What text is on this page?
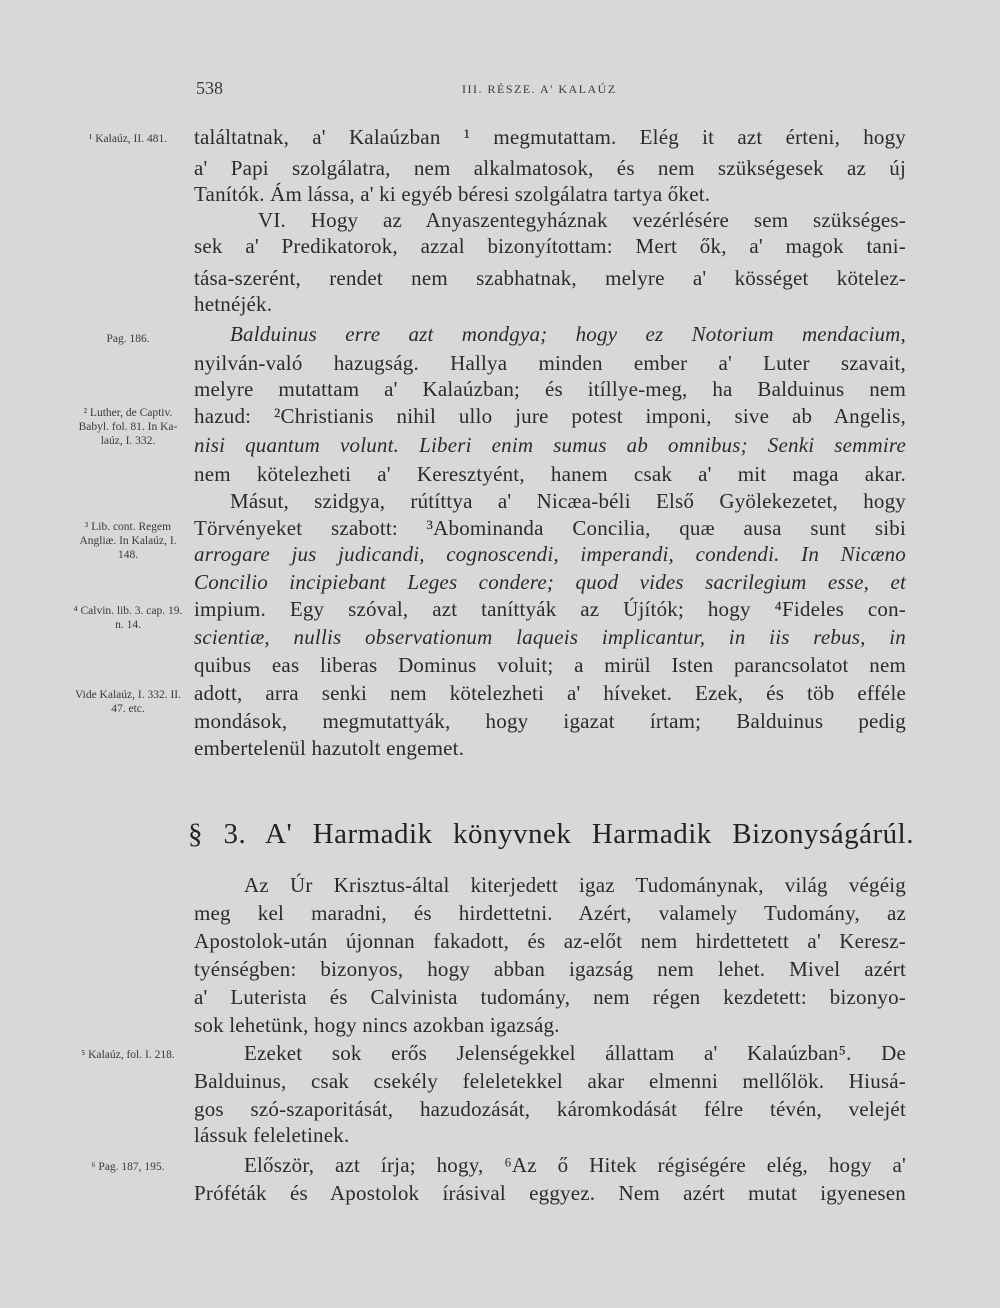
538	III. RÉSZE. A' KALAÚZ
¹ Kalaúz, II. 481.
Pag. 186.
² Luther, de Captiv. Babyl. fol. 81. In Ka- laúz, I. 332.
³ Lib. cont. Regem Angliæ. In Kalaúz, I. 148.
⁴ Calvin. lib. 3. cap. 19. n. 14.
Vide Kalaúz, I. 332. II. 47. etc.
⁵ Kalaúz, fol. I. 218.
⁶ Pag. 187, 195.
találtatnak, a' Kalaúzban ¹ megmutattam. Elég it azt érteni, hogy
a' Papi szolgálatra, nem alkalmatosok, és nem szükségesek az új
Tanítók. Ám lássa, a' ki egyéb béresi szolgálatra tartya őket.
VI. Hogy az Anyaszentegyháznak vezérlésére sem szükséges-
sek a' Predikatorok, azzal bizonyítottam: Mert ők, a' magok tani-
tása-szerént, rendet nem szabhatnak, melyre a' kösséget kötelez-
hetnéjék.
Balduinus erre azt mondgya; hogy ez Notorium mendacium,
nyilván-való hazugság. Hallya minden ember a' Luter szavait,
melyre mutattam a' Kalaúzban; és itíllye-meg, ha Balduinus nem
hazud: ²Christianis nihil ullo jure potest imponi, sive ab Angelis,
nisi quantum volunt. Liberi enim sumus ab omnibus; Senki semmire
nem kötelezheti a' Keresztyént, hanem csak a' mit maga akar.
Másut, szidgya, rútíttya a' Nicæa-béli Első Gyölekezetet, hogy
Törvényeket szabott: ³Abominanda Concilia, quæ ausa sunt sibi
arrogare jus judicandi, cognoscendi, imperandi, condendi. In Nicæno
Concilio incipiebant Leges condere; quod vides sacrilegium esse, et
impium. Egy szóval, azt taníttyák az Újítók; hogy ⁴Fideles con-
scientiæ, nullis observationum laqueis implicantur, in iis rebus, in
quibus eas liberas Dominus voluit; a mirül Isten parancsolatot nem
adott, arra senki nem kötelezheti a' híveket. Ezek, és töb efféle
mondások, megmutattyák, hogy igazat írtam; Balduinus pedig
embertelenül hazutolt engemet.
§ 3. A' Harmadik könyvnek Harmadik Bizonyságárúl.
Az Úr Krisztus-által kiterjedett igaz Tudománynak, világ végéig
meg kel maradni, és hirdettetni. Azért, valamely Tudomány, az
Apostolok-után újonnan fakadott, és az-előt nem hirdettetett a' Keresz-
tyénségben: bizonyos, hogy abban igazság nem lehet. Mivel azért
a' Luterista és Calvinista tudomány, nem régen kezdetett: bizonyo-
sok lehetünk, hogy nincs azokban igazság.
Ezeket sok erős Jelenségekkel állattam a' Kalaúzban⁵. De
Balduinus, csak csekély feleletekkel akar elmenni mellőlök. Hiusá-
gos szó-szaporitását, hazudozását, káromkodását félre tévén, velejét
lássuk feleletinek.
Először, azt írja; hogy, ⁶Az ő Hitek régiségére elég, hogy a'
Próféták és Apostolok írásival eggyez. Nem azért mutat igyenesen
